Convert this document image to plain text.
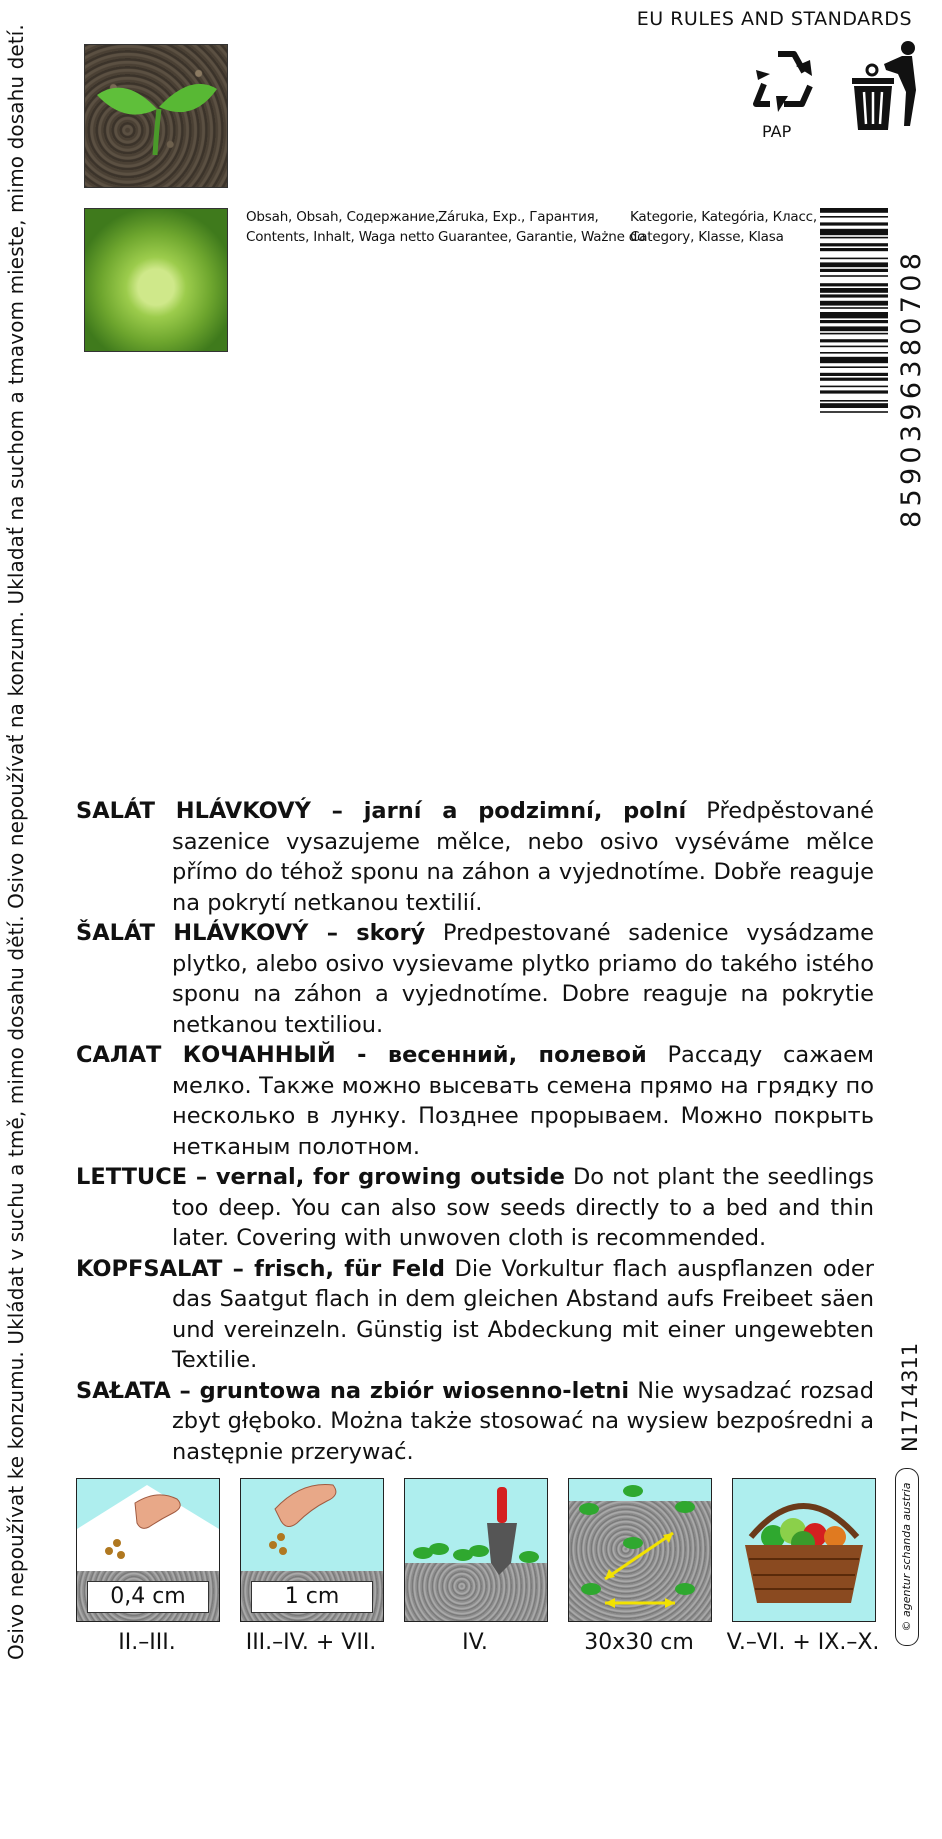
Osivo nepoužívat ke konzumu. Ukládat v suchu a tmě, mimo dosahu dětí. Osivo nepoužívať na konzum. Ukladať na suchom a tmavom mieste, mimo dosahu detí.
EU RULES AND STANDARDS
PAP
Obsah, Obsah, Содержание,
Contents, Inhalt, Waga netto
Záruka, Exp., Гарантия,
Guarantee, Garantie, Ważne do
Kategorie, Kategória, Класс,
Category, Klasse, Klasa
8590396380708
SALÁT HLÁVKOVÝ – jarní a podzimní, polní Předpěstované sazenice vysazujeme mělce, nebo osivo vyséváme mělce přímo do téhož sponu na záhon a vyjednotíme. Dobře reaguje na pokrytí netkanou textilií.
ŠALÁT HLÁVKOVÝ – skorý Predpestované sadenice vysádzame plytko, alebo osivo vysievame plytko priamo do takého istého sponu na záhon a vyjednotíme. Dobre reaguje na pokrytie netkanou textiliou.
САЛАТ КОЧАННЫЙ - весенний, полевой Рассаду сажаем мелко. Также можно высевать семена прямо на грядку по несколько в лунку. Позднее прорываем. Можно покрыть нетканым полотном.
LETTUCE – vernal, for growing outside Do not plant the seedlings too deep. You can also sow seeds directly to a bed and thin later. Covering with unwoven cloth is recommended.
KOPFSALAT – frisch, für Feld Die Vorkultur flach auspflanzen oder das Saatgut flach in dem gleichen Abstand aufs Freibeet säen und vereinzeln. Günstig ist Abdeckung mit einer ungewebten Textilie.
SAŁATA – gruntowa na zbiór wiosenno-letni Nie wysadzać rozsad zbyt głęboko. Można także stosować na wysiew bezpośredni a następnie przerywać.	N1714311
© agentur schanda austria
0,4 cm
II.–III.
1 cm
III.–IV. + VII.	IV.	30x30 cm	V.–VI. + IX.–X.
